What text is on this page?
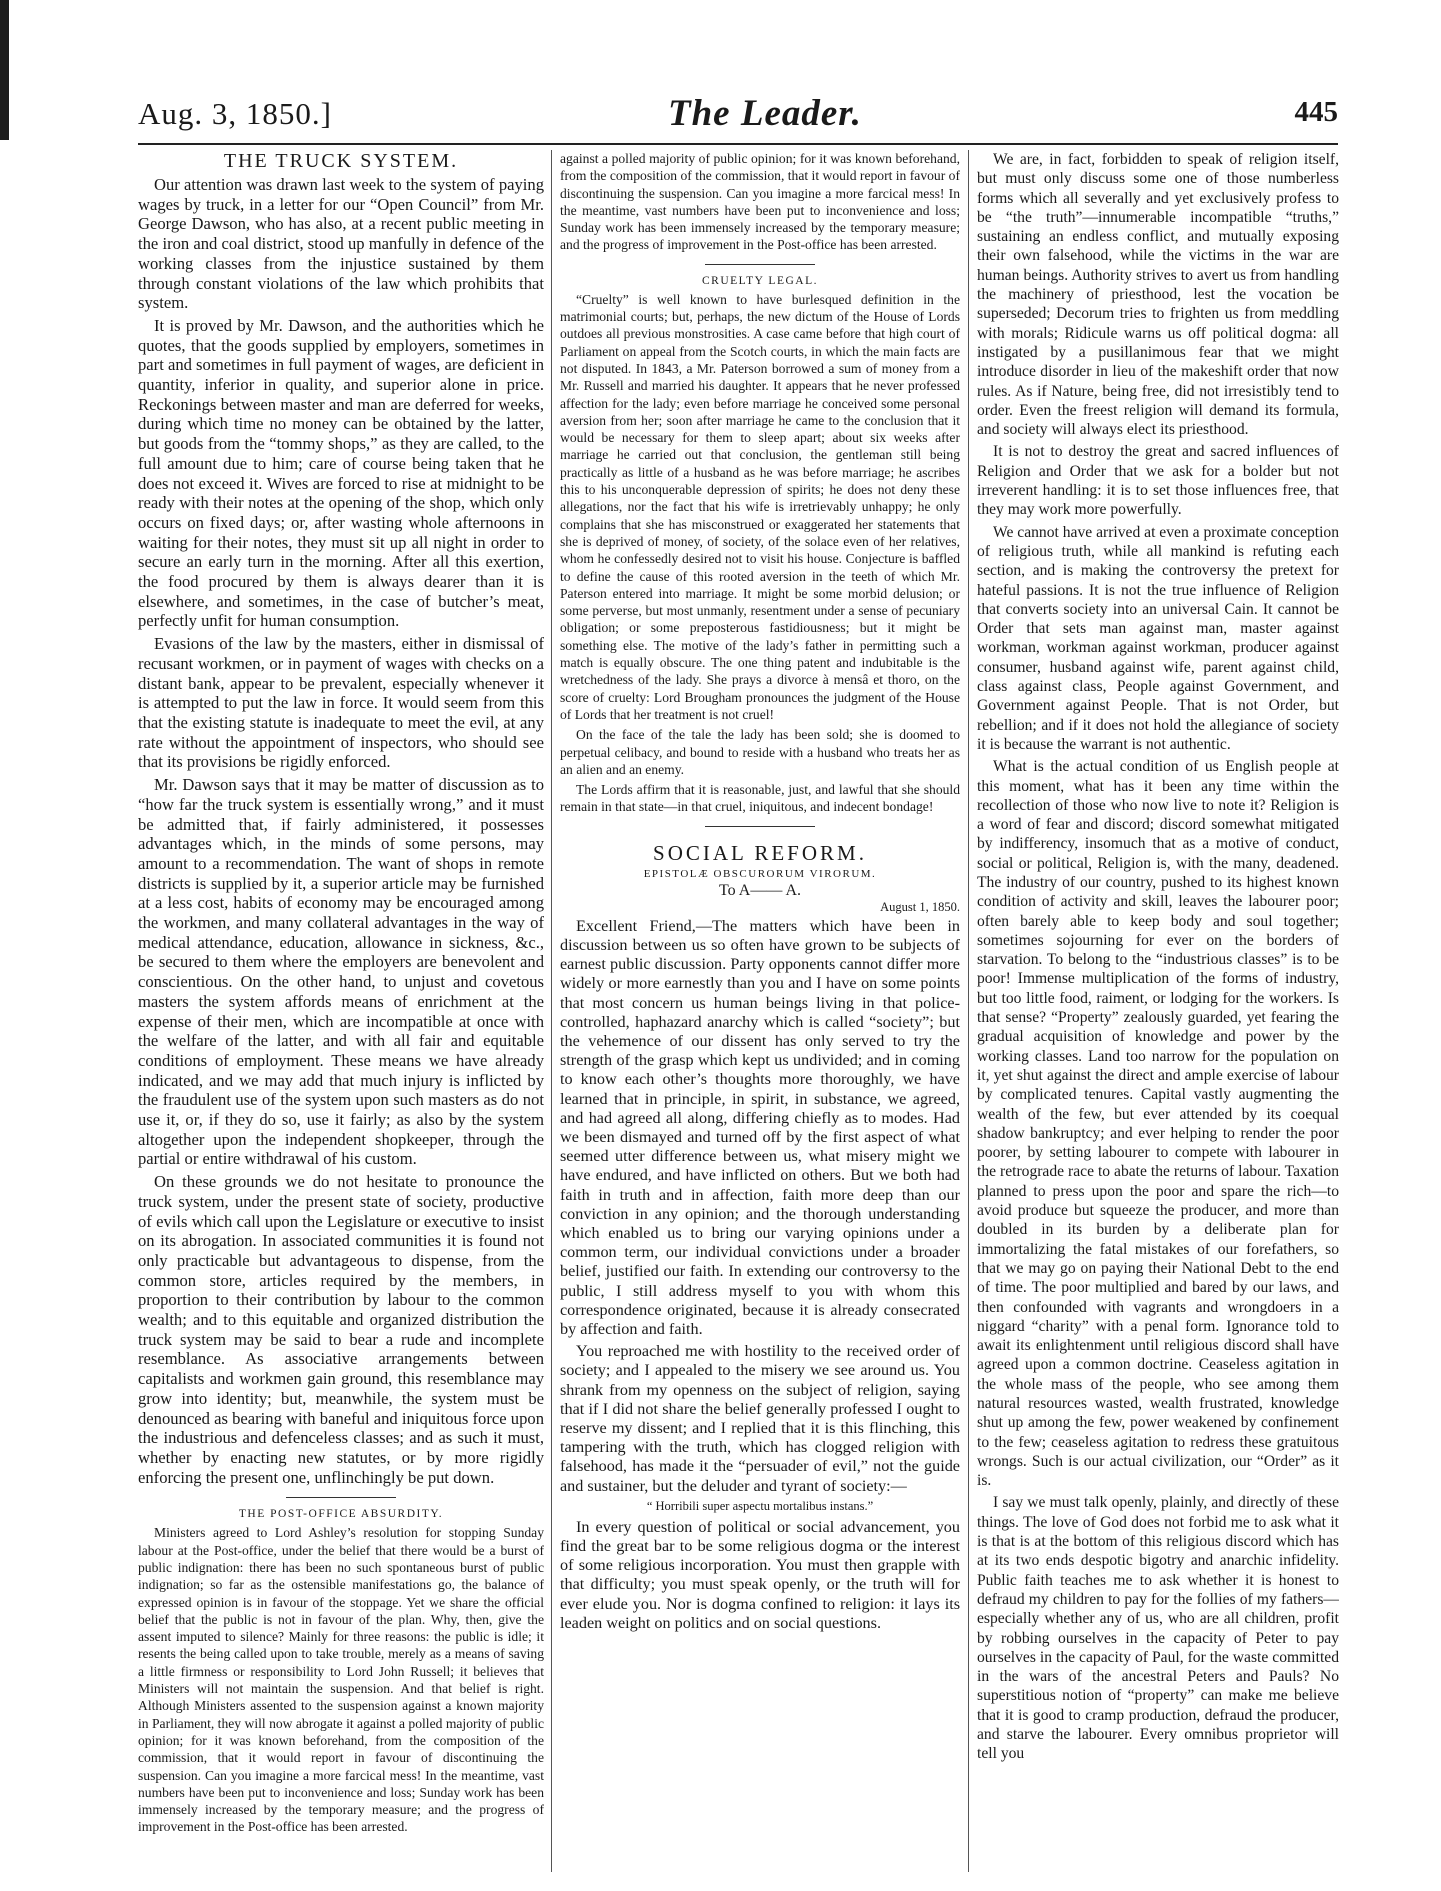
Aug. 3, 1850.]	The Leader.	445
THE TRUCK SYSTEM.

Our attention was drawn last week to the system of paying wages by truck, in a letter for our “Open Council” from Mr. George Dawson, who has also, at a recent public meeting in the iron and coal district, stood up manfully in defence of the working classes from the injustice sustained by them through constant violations of the law which prohibits that system.

It is proved by Mr. Dawson, and the authorities which he quotes, that the goods supplied by employers, sometimes in part and sometimes in full payment of wages, are deficient in quantity, inferior in quality, and superior alone in price. Reckonings between master and man are deferred for weeks, during which time no money can be obtained by the latter, but goods from the “tommy shops,” as they are called, to the full amount due to him; care of course being taken that he does not exceed it. Wives are forced to rise at midnight to be ready with their notes at the opening of the shop, which only occurs on fixed days; or, after wasting whole afternoons in waiting for their notes, they must sit up all night in order to secure an early turn in the morning. After all this exertion, the food procured by them is always dearer than it is elsewhere, and sometimes, in the case of butcher’s meat, perfectly unfit for human consumption.

Evasions of the law by the masters, either in dismissal of recusant workmen, or in payment of wages with checks on a distant bank, appear to be prevalent, especially whenever it is attempted to put the law in force. It would seem from this that the existing statute is inadequate to meet the evil, at any rate without the appointment of inspectors, who should see that its provisions be rigidly enforced.

Mr. Dawson says that it may be matter of discussion as to “how far the truck system is essentially wrong,” and it must be admitted that, if fairly administered, it possesses advantages which, in the minds of some persons, may amount to a recommendation. The want of shops in remote districts is supplied by it, a superior article may be furnished at a less cost, habits of economy may be encouraged among the workmen, and many collateral advantages in the way of medical attendance, education, allowance in sickness, &c., be secured to them where the employers are benevolent and conscientious. On the other hand, to unjust and covetous masters the system affords means of enrichment at the expense of their men, which are incompatible at once with the welfare of the latter, and with all fair and equitable conditions of employment. These means we have already indicated, and we may add that much injury is inflicted by the fraudulent use of the system upon such masters as do not use it, or, if they do so, use it fairly; as also by the system altogether upon the independent shopkeeper, through the partial or entire withdrawal of his custom.

On these grounds we do not hesitate to pronounce the truck system, under the present state of society, productive of evils which call upon the Legislature or executive to insist on its abrogation. In associated communities it is found not only practicable but advantageous to dispense, from the common store, articles required by the members, in proportion to their contribution by labour to the common wealth; and to this equitable and organized distribution the truck system may be said to bear a rude and incomplete resemblance. As associative arrangements between capitalists and workmen gain ground, this resemblance may grow into identity; but, meanwhile, the system must be denounced as bearing with baneful and iniquitous force upon the industrious and defenceless classes; and as such it must, whether by enacting new statutes, or by more rigidly enforcing the present one, unflinchingly be put down.

THE POST-OFFICE ABSURDITY.

Ministers agreed to Lord Ashley’s resolution for stopping Sunday labour at the Post-office, under the belief that there would be a burst of public indignation: there has been no such spontaneous burst of public indignation; so far as the ostensible manifestations go, the balance of expressed opinion is in favour of the stoppage. Yet we share the official belief that the public is not in favour of the plan. Why, then, give the assent imputed to silence? Mainly for three reasons: the public is idle; it resents the being called upon to take trouble, merely as a means of saving a little firmness or responsibility to Lord John Russell; it believes that Ministers will not maintain the suspension. And that belief is right. Although Ministers assented to the suspension against a known majority in Parliament, they will now abrogate it against a polled majority of public opinion; for it was known beforehand, from the composition of the commission, that it would report in favour of discontinuing the suspension. Can you imagine a more farcical mess! In the meantime, vast numbers have been put to inconvenience and loss; Sunday work has been immensely increased by the temporary measure; and the progress of improvement in the Post-office has been arrested.

against a polled majority of public opinion; for it was known beforehand, from the composition of the commission, that it would report in favour of discontinuing the suspension. Can you imagine a more farcical mess! In the meantime, vast numbers have been put to inconvenience and loss; Sunday work has been immensely increased by the temporary measure; and the progress of improvement in the Post-office has been arrested.

CRUELTY LEGAL.

“Cruelty” is well known to have burlesqued definition in the matrimonial courts; but, perhaps, the new dictum of the House of Lords outdoes all previous monstrosities. A case came before that high court of Parliament on appeal from the Scotch courts, in which the main facts are not disputed. In 1843, a Mr. Paterson borrowed a sum of money from a Mr. Russell and married his daughter. It appears that he never professed affection for the lady; even before marriage he conceived some personal aversion from her; soon after marriage he came to the conclusion that it would be necessary for them to sleep apart; about six weeks after marriage he carried out that conclusion, the gentleman still being practically as little of a husband as he was before marriage; he ascribes this to his unconquerable depression of spirits; he does not deny these allegations, nor the fact that his wife is irretrievably unhappy; he only complains that she has misconstrued or exaggerated her statements that she is deprived of money, of society, of the solace even of her relatives, whom he confessedly desired not to visit his house. Conjecture is baffled to define the cause of this rooted aversion in the teeth of which Mr. Paterson entered into marriage. It might be some morbid delusion; or some perverse, but most unmanly, resentment under a sense of pecuniary obligation; or some preposterous fastidiousness; but it might be something else. The motive of the lady’s father in permitting such a match is equally obscure. The one thing patent and indubitable is the wretchedness of the lady. She prays a divorce à mensâ et thoro, on the score of cruelty: Lord Brougham pronounces the judgment of the House of Lords that her treatment is not cruel!

On the face of the tale the lady has been sold; she is doomed to perpetual celibacy, and bound to reside with a husband who treats her as an alien and an enemy.

The Lords affirm that it is reasonable, just, and lawful that she should remain in that state—in that cruel, iniquitous, and indecent bondage!

SOCIAL REFORM.
EPISTOLÆ OBSCURORUM VIRORUM.
To A—— A.
August 1, 1850.

Excellent Friend,—The matters which have been in discussion between us so often have grown to be subjects of earnest public discussion. Party opponents cannot differ more widely or more earnestly than you and I have on some points that most concern us human beings living in that police-controlled, haphazard anarchy which is called “society”; but the vehemence of our dissent has only served to try the strength of the grasp which kept us undivided; and in coming to know each other’s thoughts more thoroughly, we have learned that in principle, in spirit, in substance, we agreed, and had agreed all along, differing chiefly as to modes. Had we been dismayed and turned off by the first aspect of what seemed utter difference between us, what misery might we have endured, and have inflicted on others. But we both had faith in truth and in affection, faith more deep than our conviction in any opinion; and the thorough understanding which enabled us to bring our varying opinions under a common term, our individual convictions under a broader belief, justified our faith. In extending our controversy to the public, I still address myself to you with whom this correspondence originated, because it is already consecrated by affection and faith.

You reproached me with hostility to the received order of society; and I appealed to the misery we see around us. You shrank from my openness on the subject of religion, saying that if I did not share the belief generally professed I ought to reserve my dissent; and I replied that it is this flinching, this tampering with the truth, which has clogged religion with falsehood, has made it the “persuader of evil,” not the guide and sustainer, but the deluder and tyrant of society:—

“ Horribili super aspectu mortalibus instans.”

In every question of political or social advancement, you find the great bar to be some religious dogma or the interest of some religious incorporation. You must then grapple with that difficulty; you must speak openly, or the truth will for ever elude you. Nor is dogma confined to religion: it lays its leaden weight on politics and on social questions.

We are, in fact, forbidden to speak of religion itself, but must only discuss some one of those numberless forms which all severally and yet exclusively profess to be “the truth”—innumerable incompatible “truths,” sustaining an endless conflict, and mutually exposing their own falsehood, while the victims in the war are human beings. Authority strives to avert us from handling the machinery of priesthood, lest the vocation be superseded; Decorum tries to frighten us from meddling with morals; Ridicule warns us off political dogma: all instigated by a pusillanimous fear that we might introduce disorder in lieu of the makeshift order that now rules. As if Nature, being free, did not irresistibly tend to order. Even the freest religion will demand its formula, and society will always elect its priesthood.

It is not to destroy the great and sacred influences of Religion and Order that we ask for a bolder but not irreverent handling: it is to set those influences free, that they may work more powerfully.

We cannot have arrived at even a proximate conception of religious truth, while all mankind is refuting each section, and is making the controversy the pretext for hateful passions. It is not the true influence of Religion that converts society into an universal Cain. It cannot be Order that sets man against man, master against workman, workman against workman, producer against consumer, husband against wife, parent against child, class against class, People against Government, and Government against People. That is not Order, but rebellion; and if it does not hold the allegiance of society it is because the warrant is not authentic.

What is the actual condition of us English people at this moment, what has it been any time within the recollection of those who now live to note it? Religion is a word of fear and discord; discord somewhat mitigated by indifferency, insomuch that as a motive of conduct, social or political, Religion is, with the many, deadened. The industry of our country, pushed to its highest known condition of activity and skill, leaves the labourer poor; often barely able to keep body and soul together; sometimes sojourning for ever on the borders of starvation. To belong to the “industrious classes” is to be poor! Immense multiplication of the forms of industry, but too little food, raiment, or lodging for the workers. Is that sense? “Property” zealously guarded, yet fearing the gradual acquisition of knowledge and power by the working classes. Land too narrow for the population on it, yet shut against the direct and ample exercise of labour by complicated tenures. Capital vastly augmenting the wealth of the few, but ever attended by its coequal shadow bankruptcy; and ever helping to render the poor poorer, by setting labourer to compete with labourer in the retrograde race to abate the returns of labour. Taxation planned to press upon the poor and spare the rich—to avoid produce but squeeze the producer, and more than doubled in its burden by a deliberate plan for immortalizing the fatal mistakes of our forefathers, so that we may go on paying their National Debt to the end of time. The poor multiplied and bared by our laws, and then confounded with vagrants and wrongdoers in a niggard “charity” with a penal form. Ignorance told to await its enlightenment until religious discord shall have agreed upon a common doctrine. Ceaseless agitation in the whole mass of the people, who see among them natural resources wasted, wealth frustrated, knowledge shut up among the few, power weakened by confinement to the few; ceaseless agitation to redress these gratuitous wrongs. Such is our actual civilization, our “Order” as it is.

I say we must talk openly, plainly, and directly of these things. The love of God does not forbid me to ask what it is that is at the bottom of this religious discord which has at its two ends despotic bigotry and anarchic infidelity. Public faith teaches me to ask whether it is honest to defraud my children to pay for the follies of my fathers—especially whether any of us, who are all children, profit by robbing ourselves in the capacity of Peter to pay ourselves in the capacity of Paul, for the waste committed in the wars of the ancestral Peters and Pauls? No superstitious notion of “property” can make me believe that it is good to cramp production, defraud the producer, and starve the labourer. Every omnibus proprietor will tell you
